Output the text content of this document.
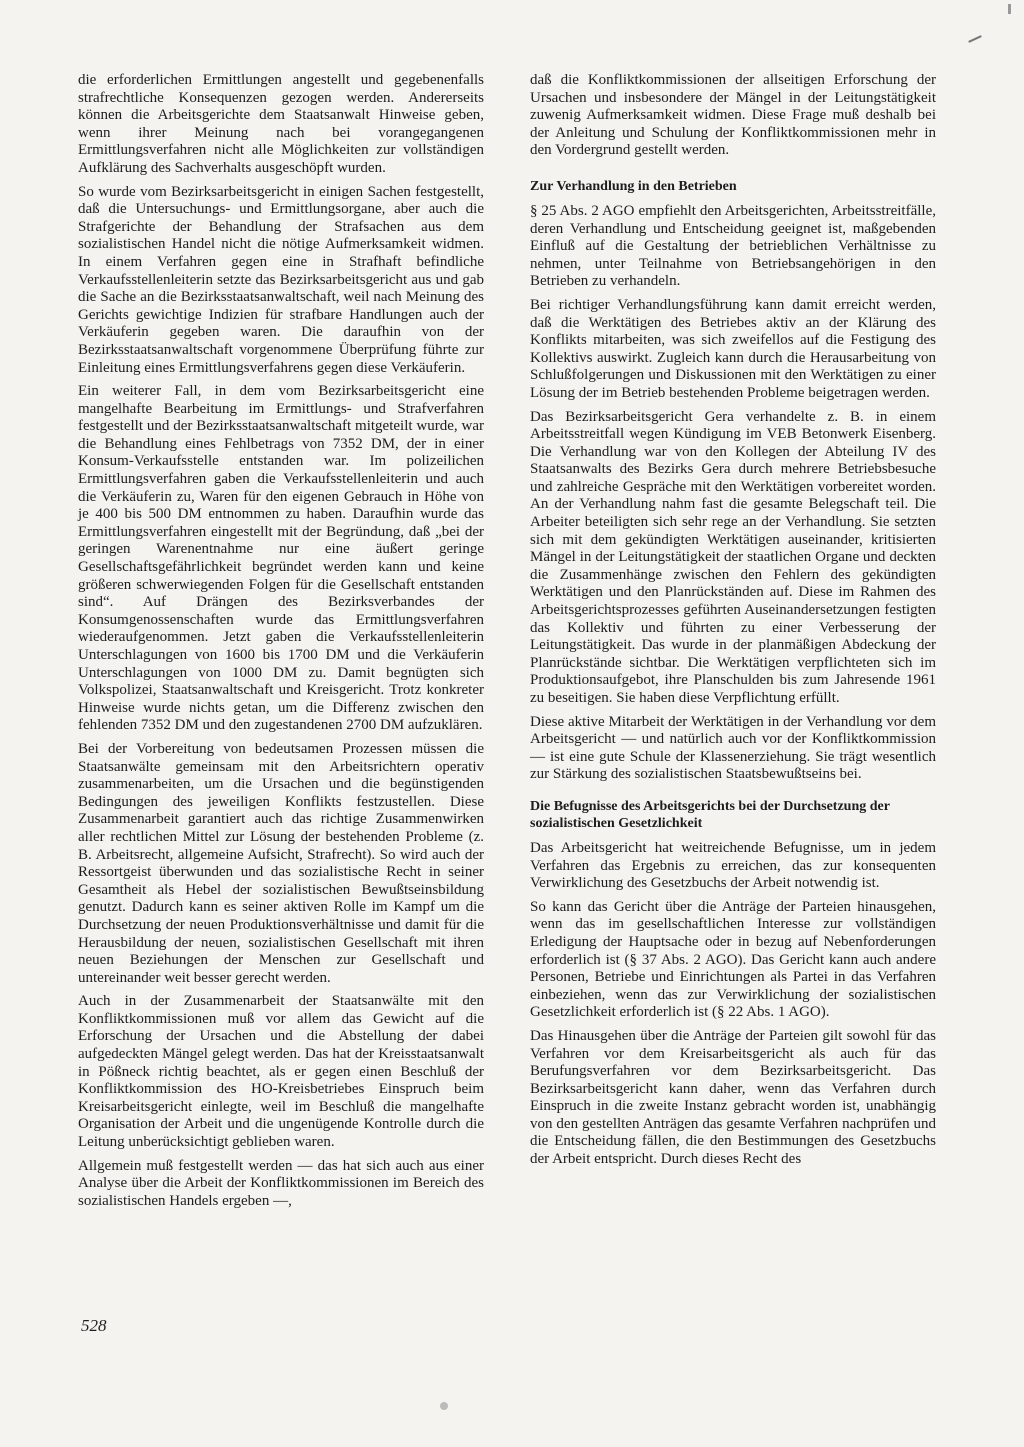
die erforderlichen Ermittlungen angestellt und gegebenenfalls strafrechtliche Konsequenzen gezogen werden. Andererseits können die Arbeitsgerichte dem Staatsanwalt Hinweise geben, wenn ihrer Meinung nach bei vorangegangenen Ermittlungsverfahren nicht alle Möglichkeiten zur vollständigen Aufklärung des Sachverhalts ausgeschöpft wurden.

So wurde vom Bezirksarbeitsgericht in einigen Sachen festgestellt, daß die Untersuchungs- und Ermittlungsorgane, aber auch die Strafgerichte der Behandlung der Strafsachen aus dem sozialistischen Handel nicht die nötige Aufmerksamkeit widmen. In einem Verfahren gegen eine in Strafhaft befindliche Verkaufsstellenleiterin setzte das Bezirksarbeitsgericht aus und gab die Sache an die Bezirksstaatsanwaltschaft, weil nach Meinung des Gerichts gewichtige Indizien für strafbare Handlungen auch der Verkäuferin gegeben waren. Die daraufhin von der Bezirksstaatsanwaltschaft vorgenommene Überprüfung führte zur Einleitung eines Ermittlungsverfahrens gegen diese Verkäuferin.

Ein weiterer Fall, in dem vom Bezirksarbeitsgericht eine mangelhafte Bearbeitung im Ermittlungs- und Strafverfahren festgestellt und der Bezirksstaatsanwaltschaft mitgeteilt wurde, war die Behandlung eines Fehlbetrags von 7352 DM, der in einer Konsum-Verkaufsstelle entstanden war. Im polizeilichen Ermittlungsverfahren gaben die Verkaufsstellenleiterin und auch die Verkäuferin zu, Waren für den eigenen Gebrauch in Höhe von je 400 bis 500 DM entnommen zu haben. Daraufhin wurde das Ermittlungsverfahren eingestellt mit der Begründung, daß „bei der geringen Warenentnahme nur eine äußert geringe Gesellschaftsgefährlichkeit begründet werden kann und keine größeren schwerwiegenden Folgen für die Gesellschaft entstanden sind“. Auf Drängen des Bezirksverbandes der Konsumgenossenschaften wurde das Ermittlungsverfahren wiederaufgenommen. Jetzt gaben die Verkaufsstellenleiterin Unterschlagungen von 1600 bis 1700 DM und die Verkäuferin Unterschlagungen von 1000 DM zu. Damit begnügten sich Volkspolizei, Staatsanwaltschaft und Kreisgericht. Trotz konkreter Hinweise wurde nichts getan, um die Differenz zwischen den fehlenden 7352 DM und den zugestandenen 2700 DM aufzuklären.

Bei der Vorbereitung von bedeutsamen Prozessen müssen die Staatsanwälte gemeinsam mit den Arbeitsrichtern operativ zusammenarbeiten, um die Ursachen und die begünstigenden Bedingungen des jeweiligen Konflikts festzustellen. Diese Zusammenarbeit garantiert auch das richtige Zusammenwirken aller rechtlichen Mittel zur Lösung der bestehenden Probleme (z. B. Arbeitsrecht, allgemeine Aufsicht, Strafrecht). So wird auch der Ressortgeist überwunden und das sozialistische Recht in seiner Gesamtheit als Hebel der sozialistischen Bewußtseinsbildung genutzt. Dadurch kann es seiner aktiven Rolle im Kampf um die Durchsetzung der neuen Produktionsverhältnisse und damit für die Herausbildung der neuen, sozialistischen Gesellschaft mit ihren neuen Beziehungen der Menschen zur Gesellschaft und untereinander weit besser gerecht werden.

Auch in der Zusammenarbeit der Staatsanwälte mit den Konfliktkommissionen muß vor allem das Gewicht auf die Erforschung der Ursachen und die Abstellung der dabei aufgedeckten Mängel gelegt werden. Das hat der Kreisstaatsanwalt in Pößneck richtig beachtet, als er gegen einen Beschluß der Konfliktkommission des HO-Kreisbetriebes Einspruch beim Kreisarbeitsgericht einlegte, weil im Beschluß die mangelhafte Organisation der Arbeit und die ungenügende Kontrolle durch die Leitung unberücksichtigt geblieben waren.

Allgemein muß festgestellt werden — das hat sich auch aus einer Analyse über die Arbeit der Konfliktkommissionen im Bereich des sozialistischen Handels ergeben —,

daß die Konfliktkommissionen der allseitigen Erforschung der Ursachen und insbesondere der Mängel in der Leitungstätigkeit zuwenig Aufmerksamkeit widmen. Diese Frage muß deshalb bei der Anleitung und Schulung der Konfliktkommissionen mehr in den Vordergrund gestellt werden.

Zur Verhandlung in den Betrieben

§ 25 Abs. 2 AGO empfiehlt den Arbeitsgerichten, Arbeitsstreitfälle, deren Verhandlung und Entscheidung geeignet ist, maßgebenden Einfluß auf die Gestaltung der betrieblichen Verhältnisse zu nehmen, unter Teilnahme von Betriebsangehörigen in den Betrieben zu verhandeln.

Bei richtiger Verhandlungsführung kann damit erreicht werden, daß die Werktätigen des Betriebes aktiv an der Klärung des Konflikts mitarbeiten, was sich zweifellos auf die Festigung des Kollektivs auswirkt. Zugleich kann durch die Herausarbeitung von Schlußfolgerungen und Diskussionen mit den Werktätigen zu einer Lösung der im Betrieb bestehenden Probleme beigetragen werden.

Das Bezirksarbeitsgericht Gera verhandelte z. B. in einem Arbeitsstreitfall wegen Kündigung im VEB Betonwerk Eisenberg. Die Verhandlung war von den Kollegen der Abteilung IV des Staatsanwalts des Bezirks Gera durch mehrere Betriebsbesuche und zahlreiche Gespräche mit den Werktätigen vorbereitet worden. An der Verhandlung nahm fast die gesamte Belegschaft teil. Die Arbeiter beteiligten sich sehr rege an der Verhandlung. Sie setzten sich mit dem gekündigten Werktätigen auseinander, kritisierten Mängel in der Leitungstätigkeit der staatlichen Organe und deckten die Zusammenhänge zwischen den Fehlern des gekündigten Werktätigen und den Planrückständen auf. Diese im Rahmen des Arbeitsgerichtsprozesses geführten Auseinandersetzungen festigten das Kollektiv und führten zu einer Verbesserung der Leitungstätigkeit. Das wurde in der planmäßigen Abdeckung der Planrückstände sichtbar. Die Werktätigen verpflichteten sich im Produktionsaufgebot, ihre Planschulden bis zum Jahresende 1961 zu beseitigen. Sie haben diese Verpflichtung erfüllt.

Diese aktive Mitarbeit der Werktätigen in der Verhandlung vor dem Arbeitsgericht — und natürlich auch vor der Konfliktkommission — ist eine gute Schule der Klassenerziehung. Sie trägt wesentlich zur Stärkung des sozialistischen Staatsbewußtseins bei.

Die Befugnisse des Arbeitsgerichts bei der Durchsetzung der sozialistischen Gesetzlichkeit

Das Arbeitsgericht hat weitreichende Befugnisse, um in jedem Verfahren das Ergebnis zu erreichen, das zur konsequenten Verwirklichung des Gesetzbuchs der Arbeit notwendig ist.

So kann das Gericht über die Anträge der Parteien hinausgehen, wenn das im gesellschaftlichen Interesse zur vollständigen Erledigung der Hauptsache oder in bezug auf Nebenforderungen erforderlich ist (§ 37 Abs. 2 AGO). Das Gericht kann auch andere Personen, Betriebe und Einrichtungen als Partei in das Verfahren einbeziehen, wenn das zur Verwirklichung der sozialistischen Gesetzlichkeit erforderlich ist (§ 22 Abs. 1 AGO).

Das Hinausgehen über die Anträge der Parteien gilt sowohl für das Verfahren vor dem Kreisarbeitsgericht als auch für das Berufungsverfahren vor dem Bezirksarbeitsgericht. Das Bezirksarbeitsgericht kann daher, wenn das Verfahren durch Einspruch in die zweite Instanz gebracht worden ist, unabhängig von den gestellten Anträgen das gesamte Verfahren nachprüfen und die Entscheidung fällen, die den Bestimmungen des Gesetzbuchs der Arbeit entspricht. Durch dieses Recht des

528
